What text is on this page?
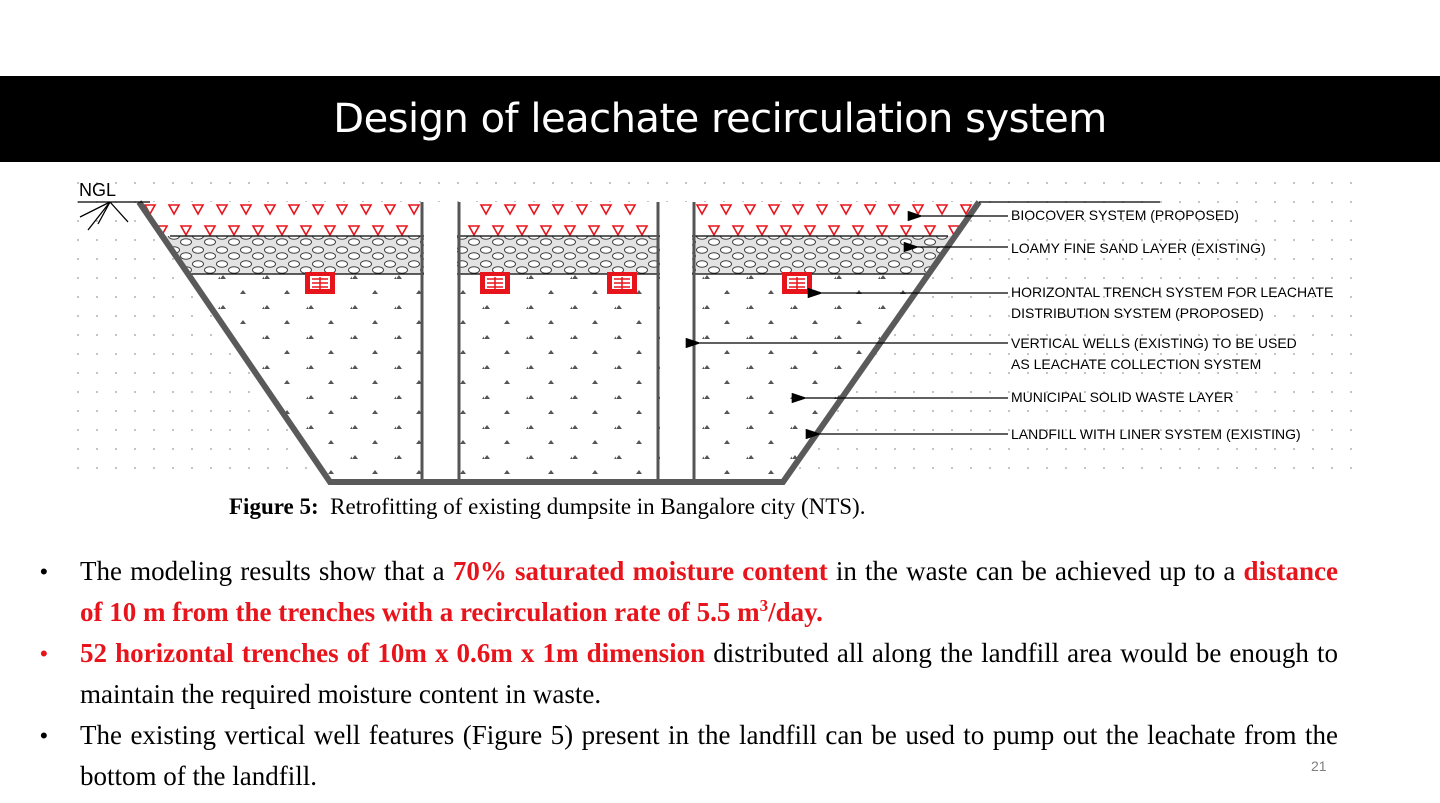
Design of leachate recirculation system
NGL
BIOCOVER SYSTEM (PROPOSED)
LOAMY FINE SAND LAYER (EXISTING)
HORIZONTAL TRENCH SYSTEM FOR LEACHATE
DISTRIBUTION SYSTEM (PROPOSED)
VERTICAL WELLS (EXISTING) TO BE USED
AS LEACHATE COLLECTION SYSTEM
MUNICIPAL SOLID WASTE LAYER
LANDFILL WITH LINER SYSTEM (EXISTING)
Figure 5: Retrofitting of existing dumpsite in Bangalore city (NTS).
• The modeling results show that a 70% saturated moisture content in the waste can be achieved up to a distance of 10 m from the trenches with a recirculation rate of 5.5 $m^3$/day.
• 52 horizontal trenches of 10m x 0.6m x 1m dimension distributed all along the landfill area would be enough to maintain the required moisture content in waste.
• The existing vertical well features (Figure 5) present in the landfill can be used to pump out the leachate from the bottom of the landfill.	21
